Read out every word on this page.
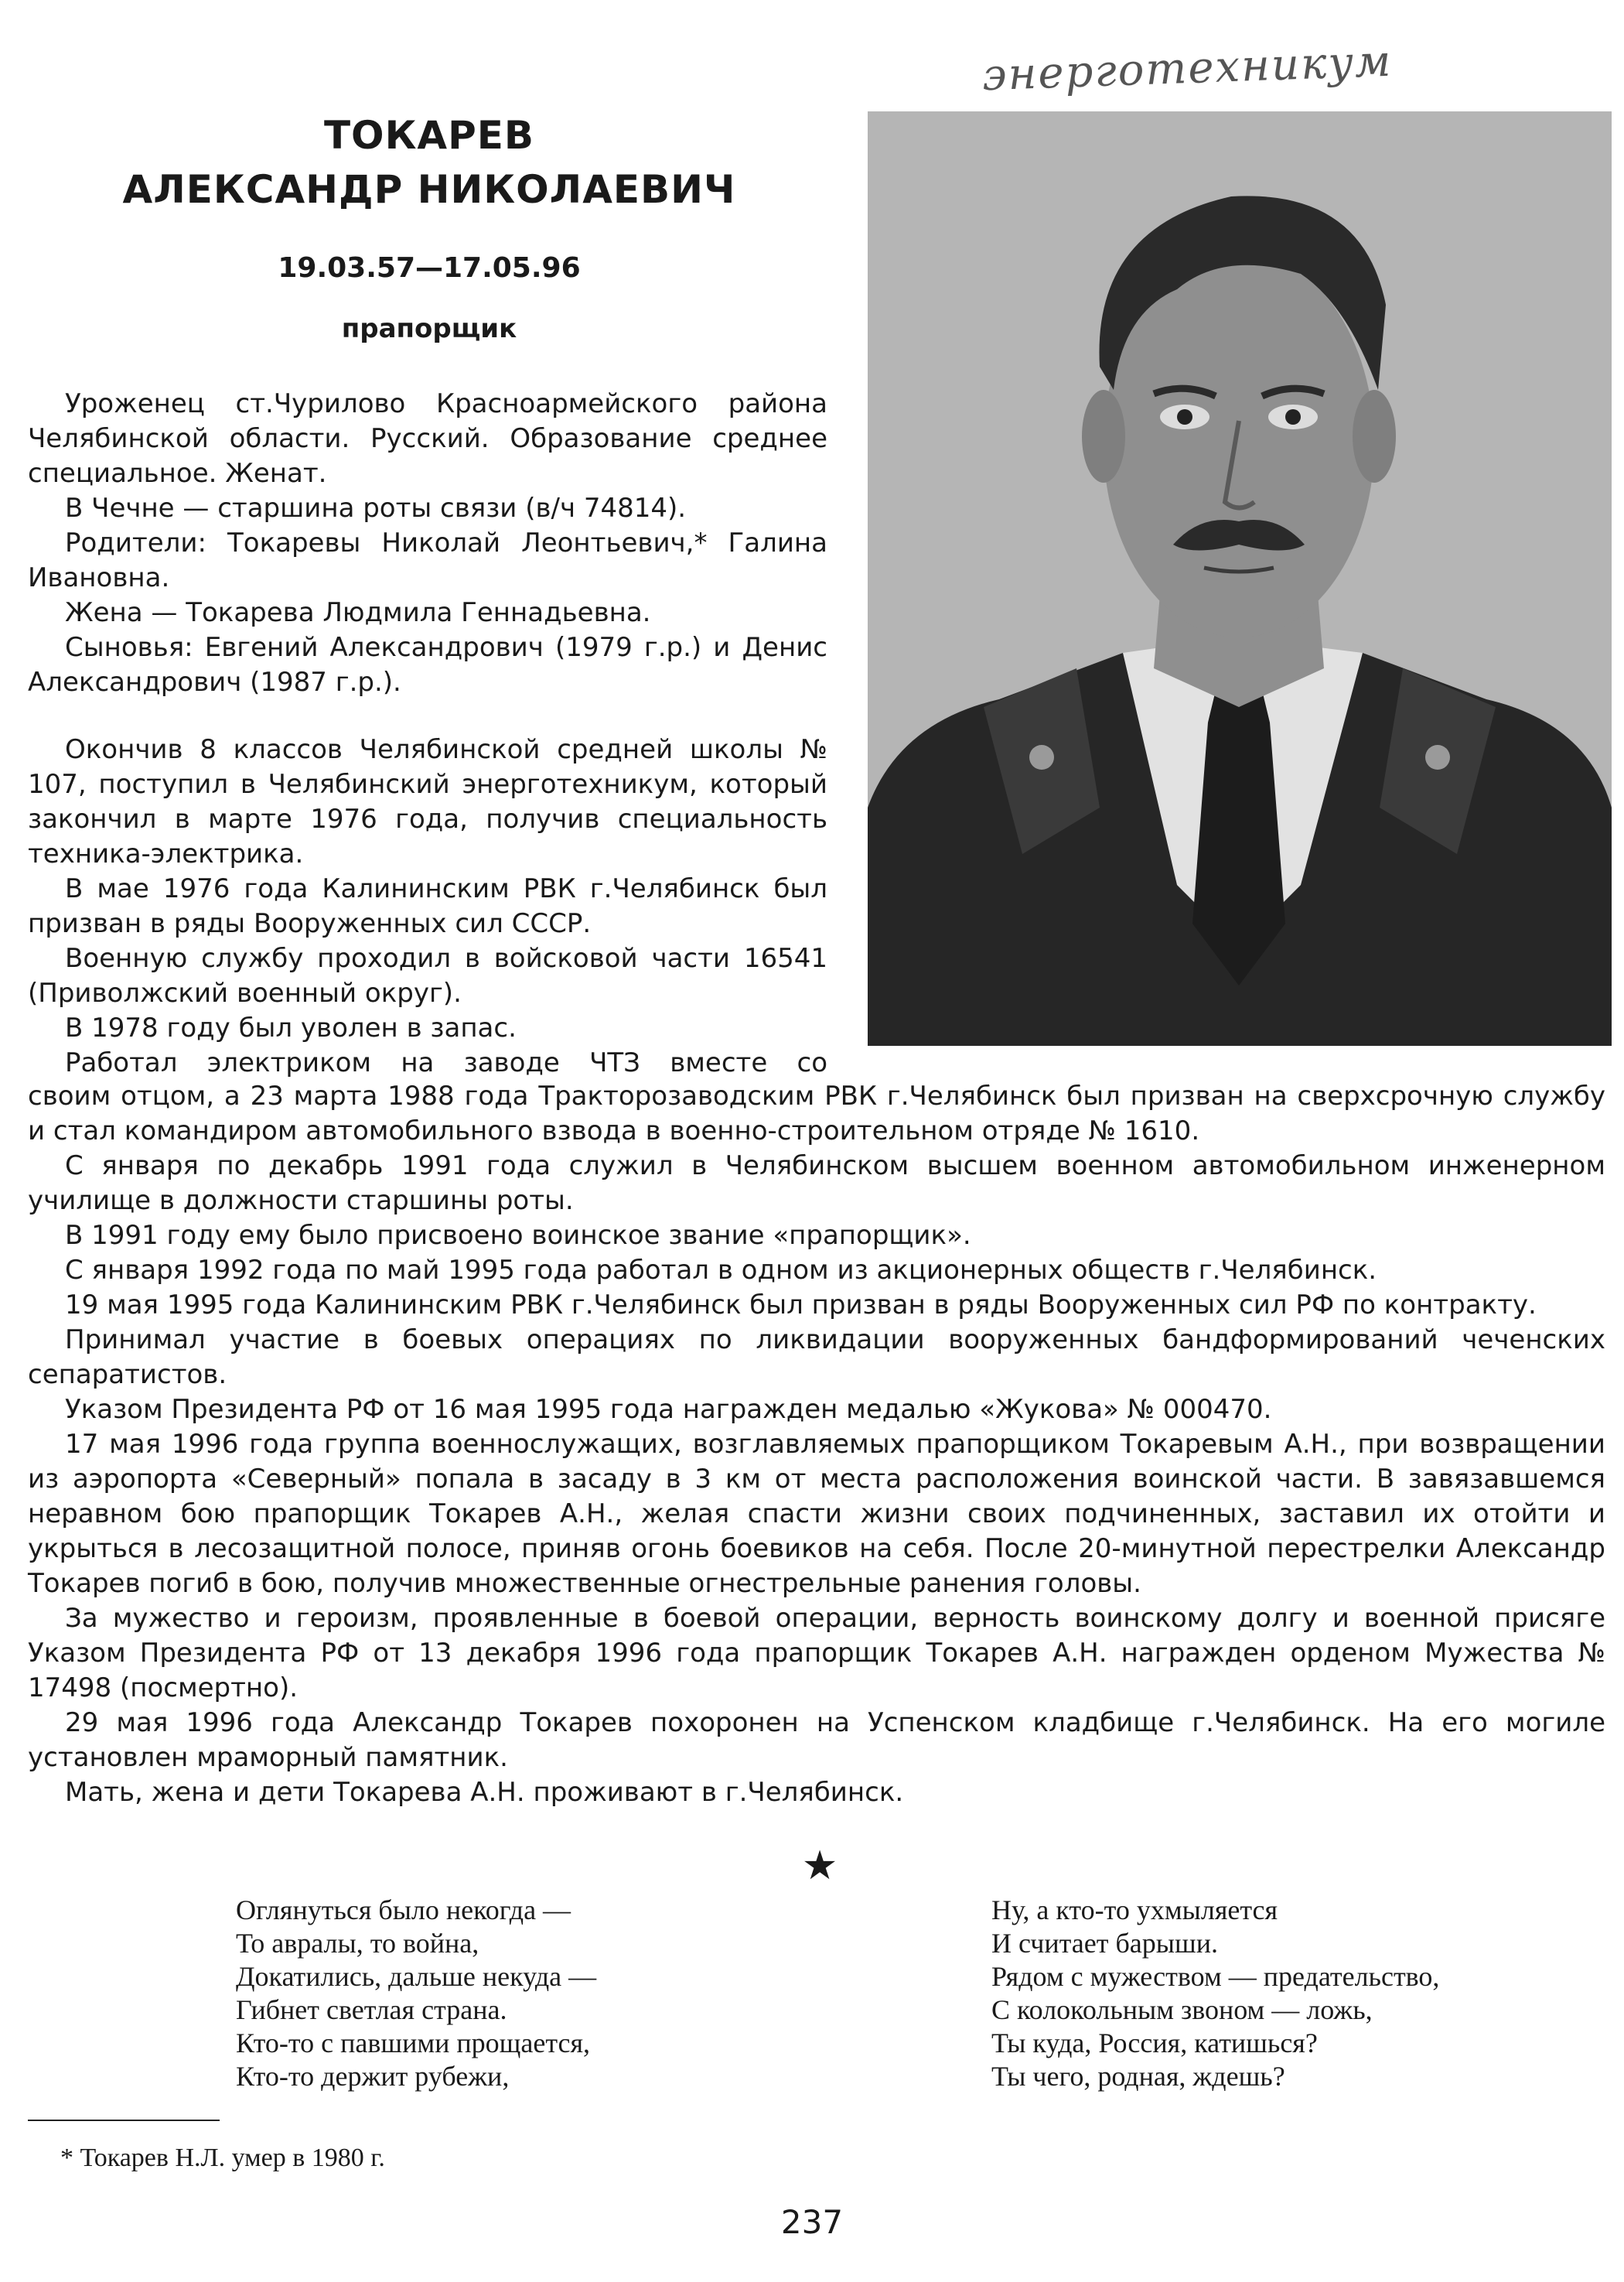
энерготехникум
ТОКАРЕВ
АЛЕКСАНДР НИКОЛАЕВИЧ
19.03.57—17.05.96
прапорщик

Уроженец ст.Чурилово Красноармейского района Челябинской области. Русский. Образование среднее специальное. Женат.

В Чечне — старшина роты связи (в/ч 74814).

Родители: Токаревы Николай Леонтьевич,* Галина Ивановна.

Жена — Токарева Людмила Геннадьевна.

Сыновья: Евгений Александрович (1979 г.р.) и Денис Александрович (1987 г.р.).

Окончив 8 классов Челябинской средней школы № 107, поступил в Челябинский энерготехникум, который закончил в марте 1976 года, получив специальность техника-электрика.

В мае 1976 года Калининским РВК г.Челябинск был призван в ряды Вооруженных сил СССР.

Военную службу проходил в войсковой части 16541 (Приволжский военный округ).

В 1978 году был уволен в запас.

Работал электриком на заводе ЧТЗ вместе со

своим отцом, а 23 марта 1988 года Тракторозаводским РВК г.Челябинск был призван на сверхсрочную службу и стал командиром автомобильного взвода в военно-строительном отряде № 1610.

С января по декабрь 1991 года служил в Челябинском высшем военном автомобильном инженерном училище в должности старшины роты.

В 1991 году ему было присвоено воинское звание «прапорщик».

С января 1992 года по май 1995 года работал в одном из акционерных обществ г.Челябинск.

19 мая 1995 года Калининским РВК г.Челябинск был призван в ряды Вооруженных сил РФ по контракту.

Принимал участие в боевых операциях по ликвидации вооруженных бандформирований чеченских сепаратистов.

Указом Президента РФ от 16 мая 1995 года награжден медалью «Жукова» № 000470.

17 мая 1996 года группа военнослужащих, возглавляемых прапорщиком Токаревым А.Н., при возвращении из аэропорта «Северный» попала в засаду в 3 км от места расположения воинской части. В завязавшемся неравном бою прапорщик Токарев А.Н., желая спасти жизни своих подчиненных, заставил их отойти и укрыться в лесозащитной полосе, приняв огонь боевиков на себя. После 20-минутной перестрелки Александр Токарев погиб в бою, получив множественные огнестрельные ранения головы.

За мужество и героизм, проявленные в боевой операции, верность воинскому долгу и военной присяге Указом Президента РФ от 13 декабря 1996 года прапорщик Токарев А.Н. награжден орденом Мужества № 17498 (посмертно).

29 мая 1996 года Александр Токарев похоронен на Успенском кладбище г.Челябинск. На его могиле установлен мраморный памятник.

Мать, жена и дети Токарева А.Н. проживают в г.Челябинск.

★
Оглянуться было некогда —
То авралы, то война,
Докатились, дальше некуда —
Гибнет светлая страна.
Кто-то с павшими прощается,
Кто-то держит рубежи,
Ну, а кто-то ухмыляется
И считает барыши.
Рядом с мужеством — предательство,
С колокольным звоном — ложь,
Ты куда, Россия, катишься?
Ты чего, родная, ждешь?
* Токарев Н.Л. умер в 1980 г.
237
